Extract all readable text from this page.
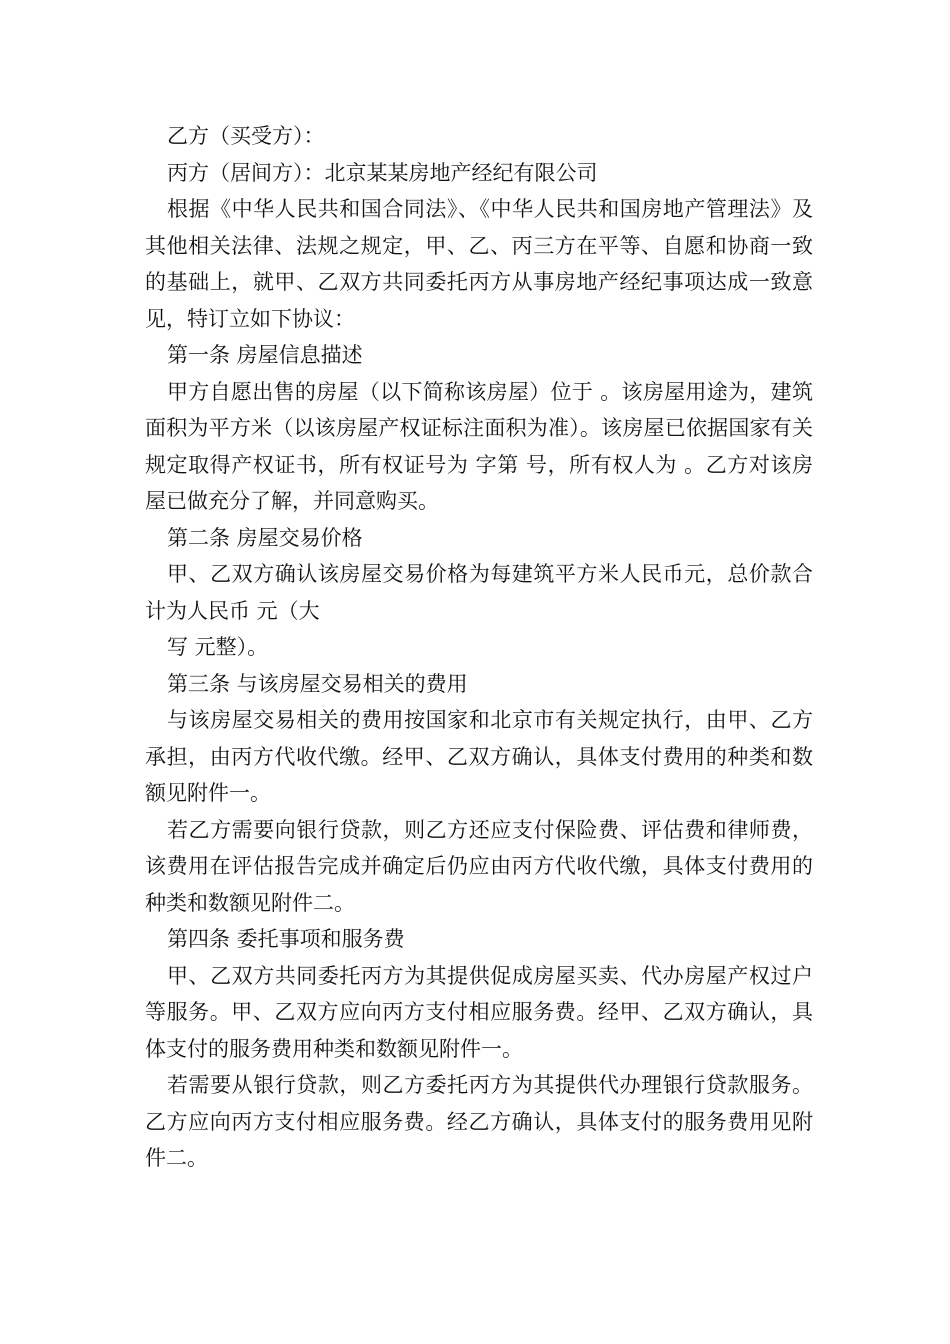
乙方（买受方）：

丙方（居间方）：北京某某房地产经纪有限公司

根据《中华人民共和国合同法》、《中华人民共和国房地产管理法》及其他相关法律、法规之规定，甲、乙、丙三方在平等、自愿和协商一致的基础上，就甲、乙双方共同委托丙方从事房地产经纪事项达成一致意见，特订立如下协议：

第一条 房屋信息描述

甲方自愿出售的房屋（以下简称该房屋）位于 。该房屋用途为，建筑面积为平方米（以该房屋产权证标注面积为准）。该房屋已依据国家有关规定取得产权证书，所有权证号为 字第 号，所有权人为 。乙方对该房屋已做充分了解，并同意购买。

第二条 房屋交易价格

甲、乙双方确认该房屋交易价格为每建筑平方米人民币元，总价款合计为人民币 元（大

写 元整）。

第三条 与该房屋交易相关的费用

与该房屋交易相关的费用按国家和北京市有关规定执行，由甲、乙方承担，由丙方代收代缴。经甲、乙双方确认，具体支付费用的种类和数额见附件一。

若乙方需要向银行贷款，则乙方还应支付保险费、评估费和律师费，该费用在评估报告完成并确定后仍应由丙方代收代缴，具体支付费用的种类和数额见附件二。

第四条 委托事项和服务费

甲、乙双方共同委托丙方为其提供促成房屋买卖、代办房屋产权过户等服务。甲、乙双方应向丙方支付相应服务费。经甲、乙双方确认，具体支付的服务费用种类和数额见附件一。

若需要从银行贷款，则乙方委托丙方为其提供代办理银行贷款服务。乙方应向丙方支付相应服务费。经乙方确认，具体支付的服务费用见附件二。
